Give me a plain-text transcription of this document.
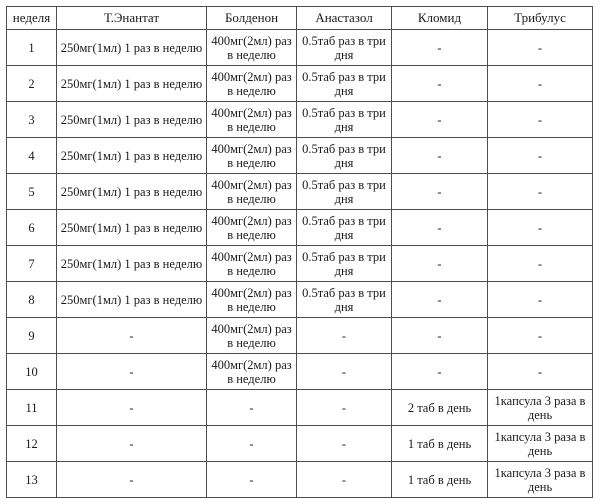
неделя	Т.Энантат	Болденон	Анастазол	Кломид	Трибулус
1	250мг(1мл) 1 раз в неделю	400мг(2мл) раз в неделю	0.5таб раз в три дня	-	-
2	250мг(1мл) 1 раз в неделю	400мг(2мл) раз в неделю	0.5таб раз в три дня	-	-
3	250мг(1мл) 1 раз в неделю	400мг(2мл) раз в неделю	0.5таб раз в три дня	-	-
4	250мг(1мл) 1 раз в неделю	400мг(2мл) раз в неделю	0.5таб раз в три дня	-	-
5	250мг(1мл) 1 раз в неделю	400мг(2мл) раз в неделю	0.5таб раз в три дня	-	-
6	250мг(1мл) 1 раз в неделю	400мг(2мл) раз в неделю	0.5таб раз в три дня	-	-
7	250мг(1мл) 1 раз в неделю	400мг(2мл) раз в неделю	0.5таб раз в три дня	-	-
8	250мг(1мл) 1 раз в неделю	400мг(2мл) раз в неделю	0.5таб раз в три дня	-	-
9	-	400мг(2мл) раз в неделю	-	-	-
10	-	400мг(2мл) раз в неделю	-	-	-
11	-	-	-	2 таб в день	1капсула 3 раза в день
12	-	-	-	1 таб в день	1капсула 3 раза в день
13	-	-	-	1 таб в день	1капсула 3 раза в день
